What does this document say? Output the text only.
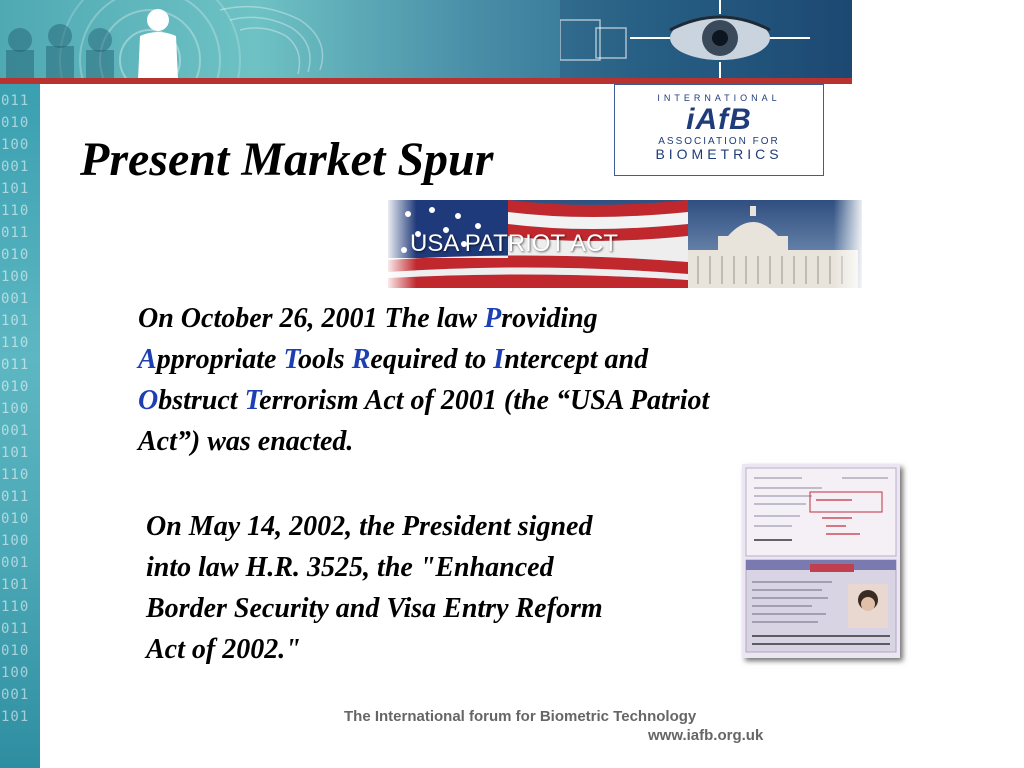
011
010
100
001
101
110
011
010
100
001
101
110
011
010
100
001
101
110
011
010
100
001
101
110
011
010
100
001
101
INTERNATIONAL
iAfB
ASSOCIATION FOR
BIOMETRICS
Present Market Spur
USA PATRIOT ACT
On October 26, 2001 The law Providing Appropriate Tools Required to Intercept and Obstruct Terrorism Act of 2001 (the “USA Patriot Act”) was enacted.
On May 14, 2002, the President signed into law H.R. 3525, the "Enhanced Border Security and Visa Entry Reform Act of 2002."
The International forum for Biometric Technology
www.iafb.org.uk
